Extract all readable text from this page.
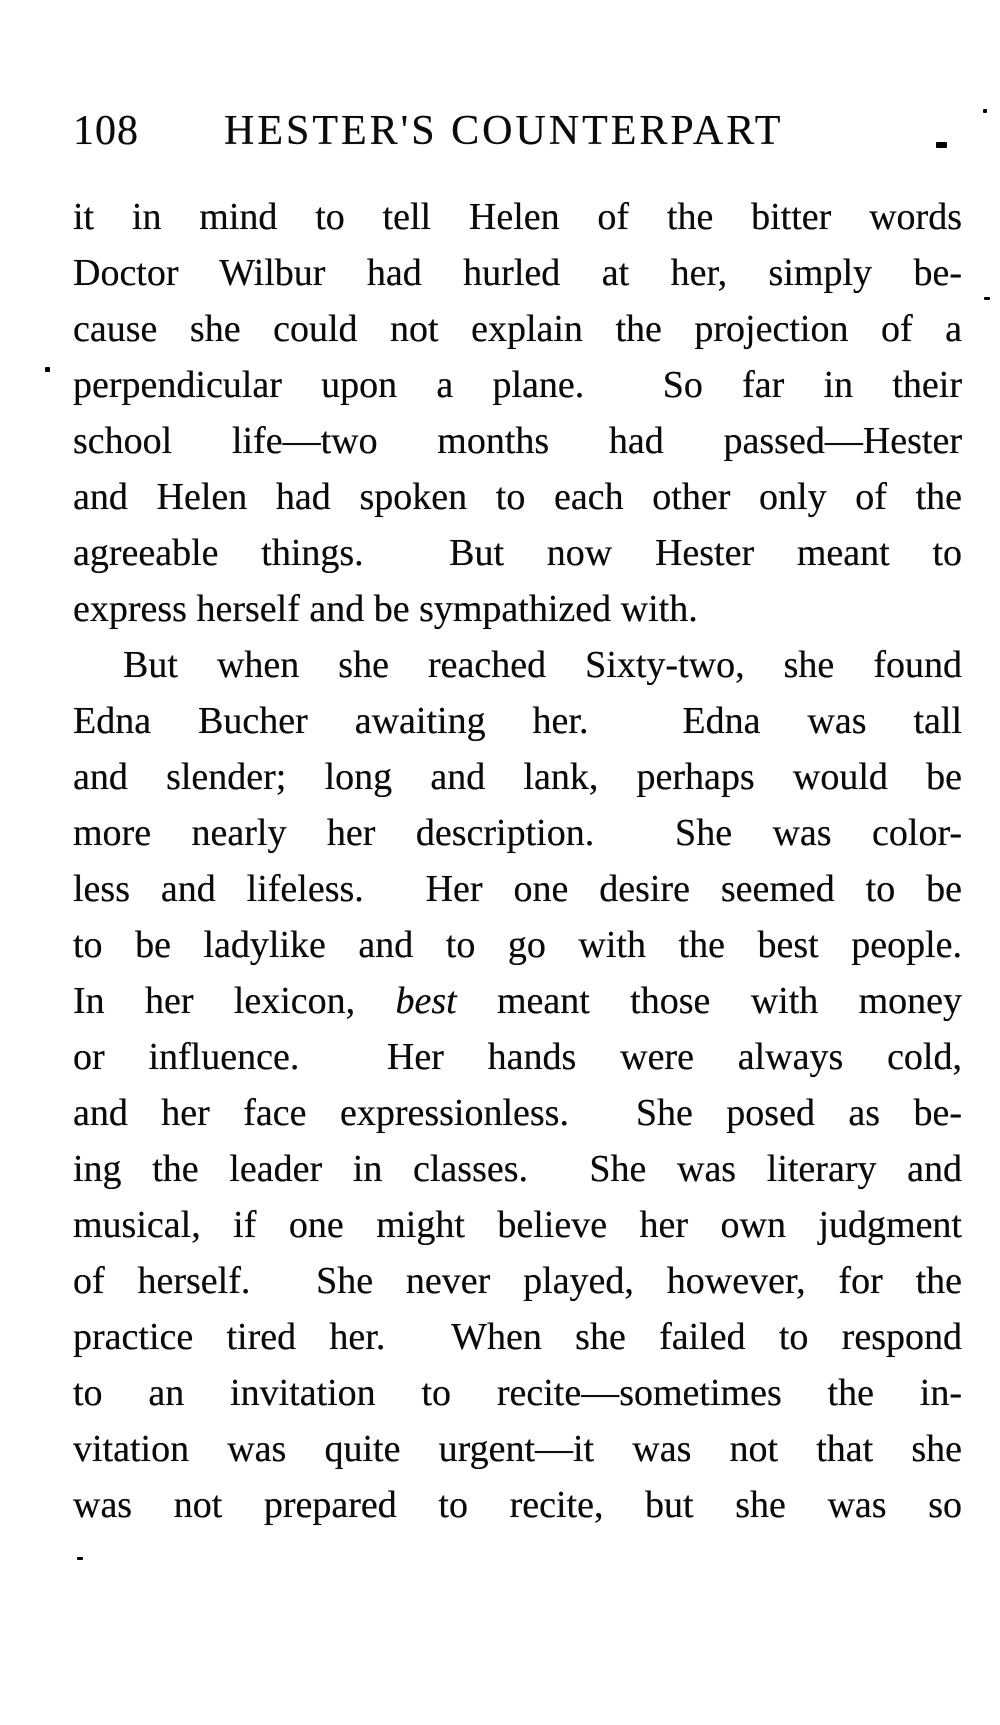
108 HESTER'S COUNTERPART
it in mind to tell Helen of the bitter words
Doctor Wilbur had hurled at her, simply be-
cause she could not explain the projection of a
perpendicular upon a plane.  So far in their
school life—two months had passed—Hester
and Helen had spoken to each other only of the
agreeable things.  But now Hester meant to
express herself and be sympathized with.
But when she reached Sixty-two, she found
Edna Bucher awaiting her.  Edna was tall
and slender; long and lank, perhaps would be
more nearly her description.  She was color-
less and lifeless.  Her one desire seemed to be
to be ladylike and to go with the best people.
In her lexicon, best meant those with money
or influence.  Her hands were always cold,
and her face expressionless.  She posed as be-
ing the leader in classes.  She was literary and
musical, if one might believe her own judgment
of herself.  She never played, however, for the
practice tired her.  When she failed to respond
to an invitation to recite—sometimes the in-
vitation was quite urgent—it was not that she
was not prepared to recite, but she was so
